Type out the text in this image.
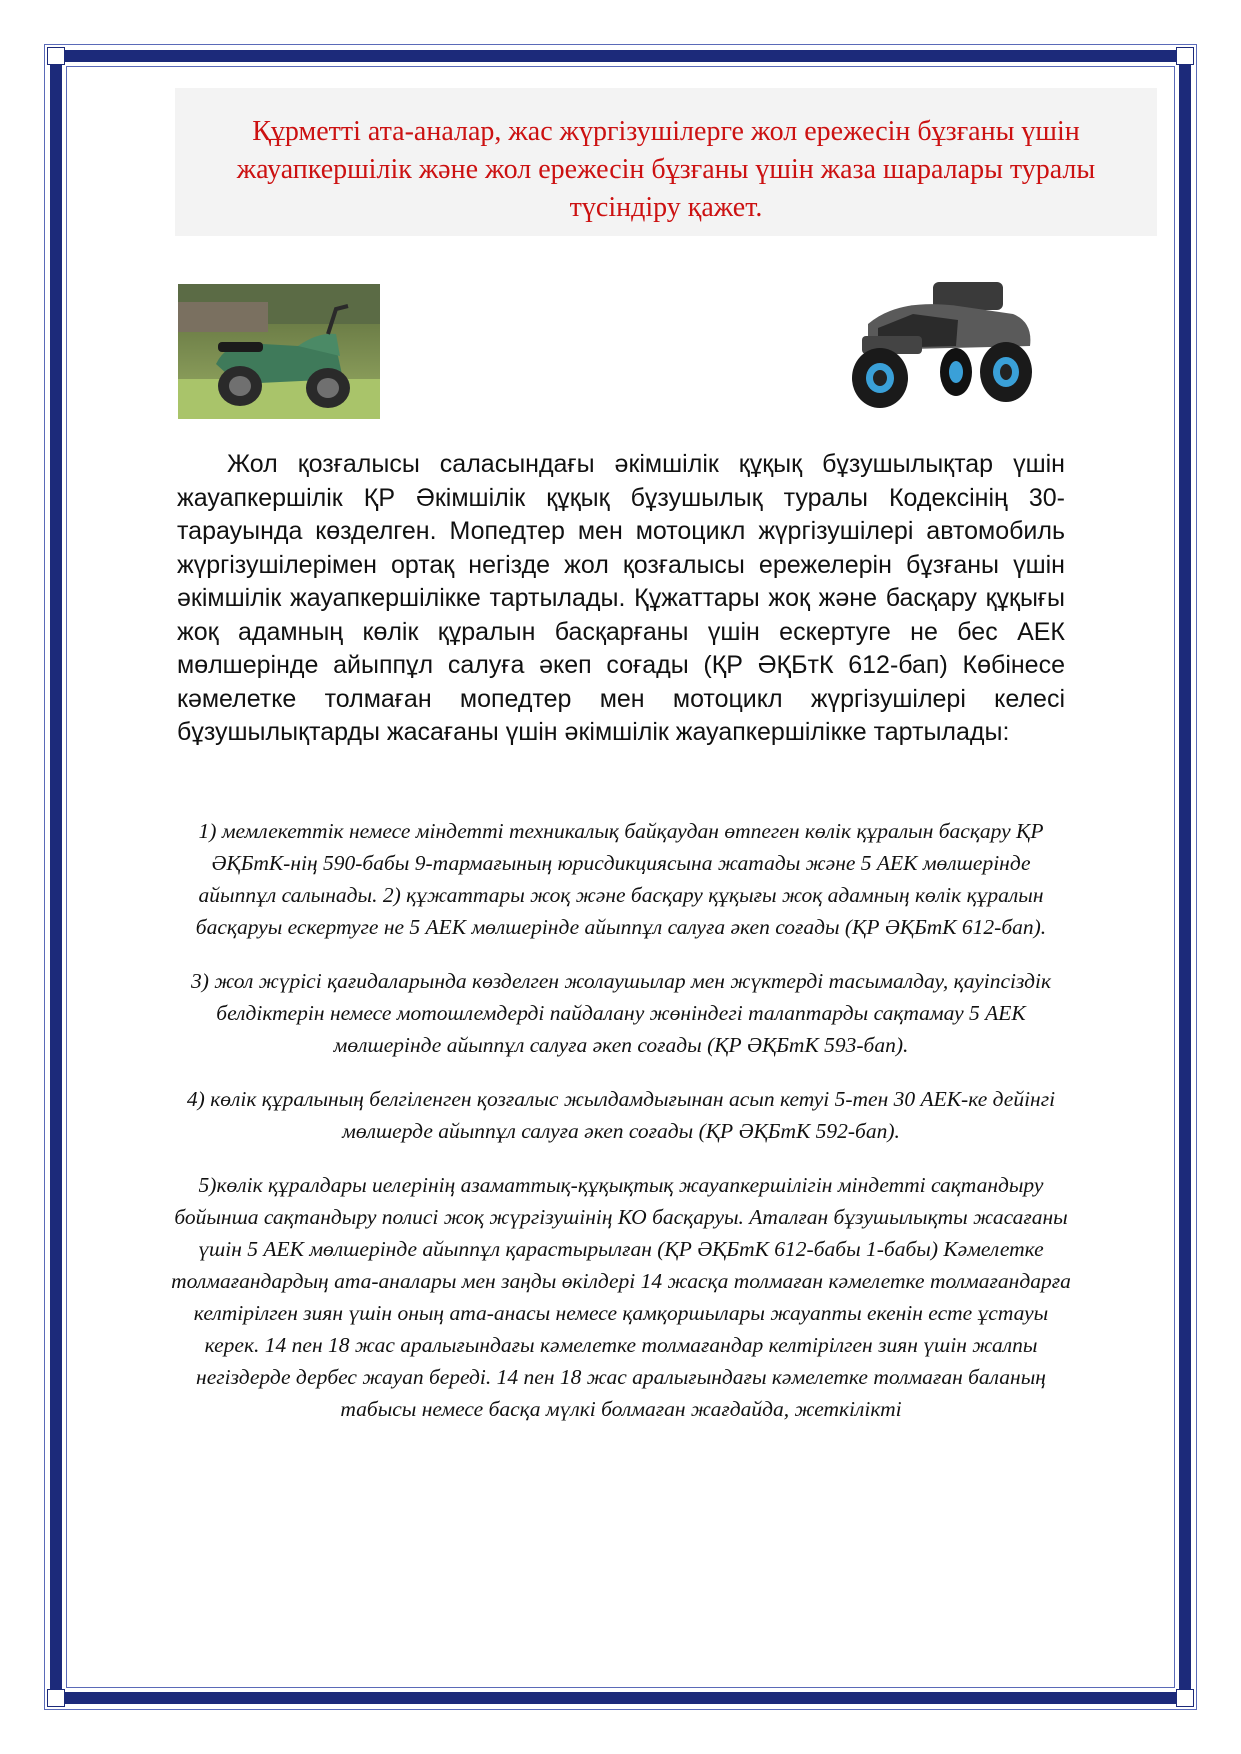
Құрметті ата-аналар, жас жүргізушілерге жол ережесін бұзғаны үшін жауапкершілік және жол ережесін бұзғаны үшін жаза шаралары туралы түсіндіру қажет.

Жол қозғалысы саласындағы әкімшілік құқық бұзушылықтар үшін жауапкершілік ҚР Әкімшілік құқық бұзушылық туралы Кодексінің 30-тарауында көзделген. Мопедтер мен мотоцикл жүргізушілері автомобиль жүргізушілерімен ортақ негізде жол қозғалысы ережелерін бұзғаны үшін әкімшілік жауапкершілікке тартылады. Құжаттары жоқ және басқару құқығы жоқ адамның көлік құралын басқарғаны үшін ескертуге не бес АЕК мөлшерінде айыппұл салуға әкеп соғады (ҚР ӘҚБтК 612-бап) Көбінесе кәмелетке толмаған мопедтер мен мотоцикл жүргізушілері келесі бұзушылықтарды жасағаны үшін әкімшілік жауапкершілікке тартылады:

1) мемлекеттік немесе міндетті техникалық байқаудан өтпеген көлік құралын басқару ҚР ӘҚБтК-нің 590-бабы 9-тармағының юрисдикциясына жатады және 5 АЕК мөлшерінде айыппұл салынады. 2) құжаттары жоқ және басқару құқығы жоқ адамның көлік құралын басқаруы ескертуге не 5 АЕК мөлшерінде айыппұл салуға әкеп соғады (ҚР ӘҚБтК 612-бап).

3) жол жүрісі қағидаларында көзделген жолаушылар мен жүктерді тасымалдау, қауіпсіздік белдіктерін немесе мотошлемдерді пайдалану жөніндегі талаптарды сақтамау 5 АЕК мөлшерінде айыппұл салуға әкеп соғады (ҚР ӘҚБтК 593-бап).

4) көлік құралының белгіленген қозғалыс жылдамдығынан асып кетуі 5-тен 30 АЕК-ке дейінгі мөлшерде айыппұл салуға әкеп соғады (ҚР ӘҚБтК 592-бап).

5)көлік құралдары иелерінің азаматтық-құқықтық жауапкершілігін міндетті сақтандыру бойынша сақтандыру полисі жоқ жүргізушінің КО басқаруы. Аталған бұзушылықты жасағаны үшін 5 АЕК мөлшерінде айыппұл қарастырылған (ҚР ӘҚБтК 612-бабы 1-бабы) Кәмелетке толмағандардың ата-аналары мен заңды өкілдері 14 жасқа толмаған кәмелетке толмағандарға келтірілген зиян үшін оның ата-анасы немесе қамқоршылары жауапты екенін есте ұстауы керек. 14 пен 18 жас аралығындағы кәмелетке толмағандар келтірілген зиян үшін жалпы негіздерде дербес жауап береді. 14 пен 18 жас аралығындағы кәмелетке толмаған баланың табысы немесе басқа мүлкі болмаған жағдайда, жеткілікті
